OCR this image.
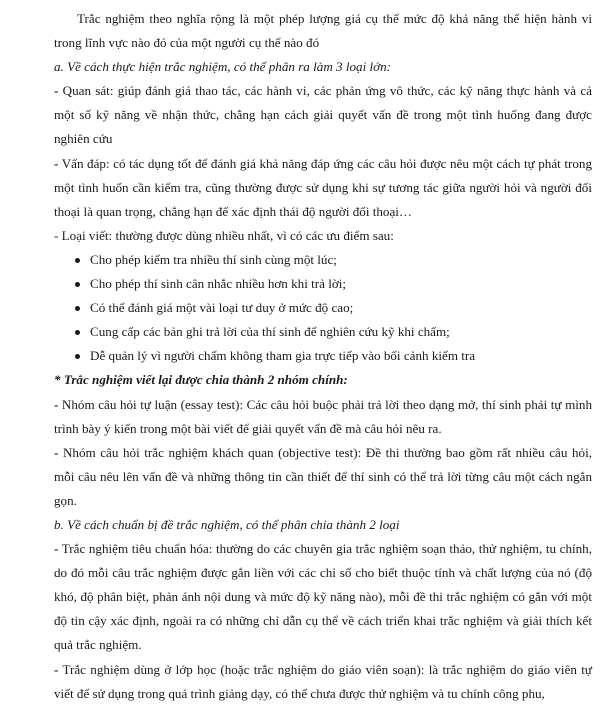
Trắc nghiệm theo nghĩa rộng là một phép lượng giá cụ thể mức độ khả năng thể hiện hành vi trong lĩnh vực nào đó của một người cụ thể nào đó

a. Về cách thực hiện trắc nghiệm, có thể phân ra làm 3 loại lớn:

- Quan sát: giúp đánh giá thao tác, các hành vi, các phản ứng vô thức, các kỹ năng thực hành và cả một số kỹ năng về nhận thức, chẳng hạn cách giải quyết vấn đề trong một tình huống đang được nghiên cứu

- Vấn đáp: có tác dụng tốt để đánh giá khả năng đáp ứng các câu hỏi được nêu một cách tự phát trong một tình huốn cần kiểm tra, cũng thường được sử dụng khi sự tương tác giữa người hỏi và người đối thoại là quan trọng, chẳng hạn để xác định thái độ người đối thoại…

- Loại viết: thường được dùng nhiều nhất, vì có các ưu điểm sau:

Cho phép kiểm tra nhiều thí sinh cùng một lúc;
Cho phép thí sinh cân nhắc nhiều hơn khi trả lời;
Có thể đánh giá một vài loại tư duy ở mức độ cao;
Cung cấp các bản ghi trả lời của thí sinh để nghiên cứu kỹ khi chấm;
Dễ quản lý vì người chấm không tham gia trực tiếp vào bối cảnh kiểm tra

* Trắc nghiệm viết lại được chia thành 2 nhóm chính:

- Nhóm câu hỏi tự luận (essay test): Các câu hỏi buộc phải trả lời theo dạng mở, thí sinh phải tự mình trình bày ý kiến trong một bài viết để giải quyết vấn đề mà câu hỏi nêu ra.

- Nhóm câu hỏi trắc nghiệm khách quan (objective test): Đề thi thường bao gồm rất nhiều câu hỏi, mỗi câu nêu lên vấn đề và những thông tin cần thiết để thí sinh có thể trả lời từng câu một cách ngắn gọn.

b. Về cách chuẩn bị đề trắc nghiệm, có thể phân chia thành 2 loại

- Trắc nghiệm tiêu chuẩn hóa: thường do các chuyên gia trắc nghiệm soạn thảo, thử nghiệm, tu chính, do đó mỗi câu trắc nghiệm được gắn liền với các chỉ số cho biết thuộc tính và chất lượng của nó (độ khó, độ phân biệt, phản ánh nội dung và mức độ kỹ năng nào), mỗi đề thi trắc nghiệm có gắn với một độ tin cậy xác định, ngoài ra có những chỉ dẫn cụ thể về cách triển khai trắc nghiệm và giải thích kết quả trắc nghiệm.

- Trắc nghiệm dùng ở lớp học (hoặc trắc nghiệm do giáo viên soạn): là trắc nghiệm do giáo viên tự viết để sử dụng trong quá trình giảng dạy, có thể chưa được thử nghiệm và tu chính công phu,
